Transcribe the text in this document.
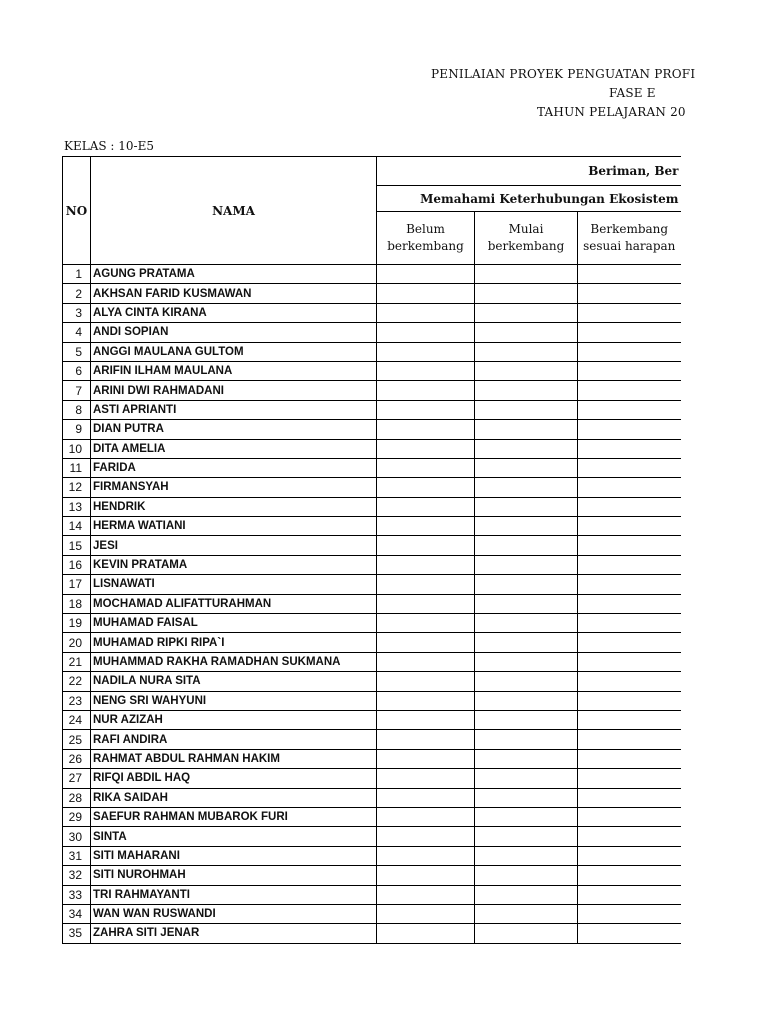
PENILAIAN PROYEK PENGUATAN PROFI
FASE E
TAHUN PELAJARAN 20
KELAS : 10-E5
NO	NAMA	Beriman, Ber		
		Memahami Keterhubungan Ekosistem		
		Belum berkembang	Mulai berkembang	Berkembang sesuai harapan
1	AGUNG PRATAMA			
2	AKHSAN FARID KUSMAWAN			
3	ALYA CINTA KIRANA			
4	ANDI SOPIAN			
5	ANGGI MAULANA GULTOM			
6	ARIFIN ILHAM MAULANA			
7	ARINI DWI RAHMADANI			
8	ASTI APRIANTI			
9	DIAN PUTRA			
10	DITA AMELIA			
11	FARIDA			
12	FIRMANSYAH			
13	HENDRIK			
14	HERMA WATIANI			
15	JESI			
16	KEVIN PRATAMA			
17	LISNAWATI			
18	MOCHAMAD ALIFATTURAHMAN			
19	MUHAMAD FAISAL			
20	MUHAMAD RIPKI RIPA`I			
21	MUHAMMAD RAKHA RAMADHAN SUKMANA			
22	NADILA NURA SITA			
23	NENG SRI WAHYUNI			
24	NUR AZIZAH			
25	RAFI ANDIRA			
26	RAHMAT ABDUL RAHMAN HAKIM			
27	RIFQI ABDIL HAQ			
28	RIKA SAIDAH			
29	SAEFUR RAHMAN MUBAROK FURI			
30	SINTA			
31	SITI MAHARANI			
32	SITI NUROHMAH			
33	TRI RAHMAYANTI			
34	WAN WAN RUSWANDI			
35	ZAHRA SITI JENAR			
